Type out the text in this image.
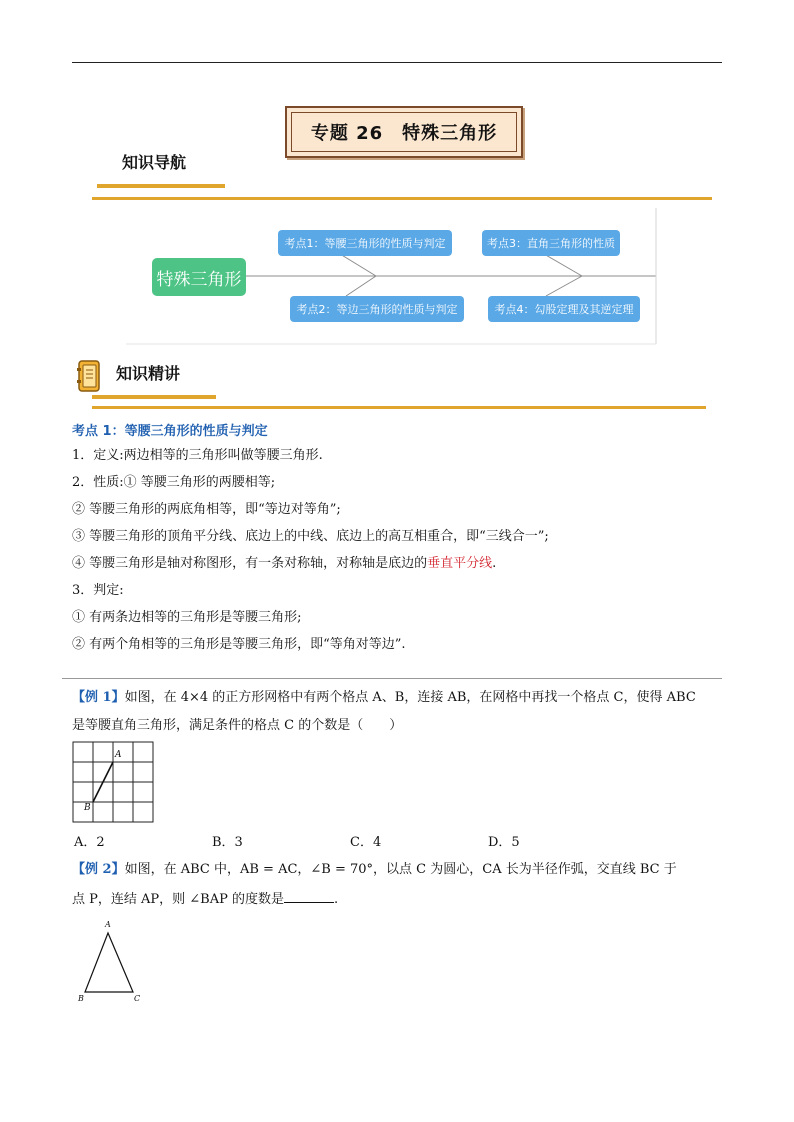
专题 26　特殊三角形
知识导航
特殊三角形
考点1：等腰三角形的性质与判定
考点2：等边三角形的性质与判定
考点3：直角三角形的性质
考点4：勾股定理及其逆定理
知识精讲
考点 1：等腰三角形的性质与判定
1．定义:两边相等的三角形叫做等腰三角形.
2．性质:① 等腰三角形的两腰相等;
② 等腰三角形的两底角相等，即“等边对等角”;
③ 等腰三角形的顶角平分线、底边上的中线、底边上的高互相重合，即“三线合一”;
④ 等腰三角形是轴对称图形，有一条对称轴，对称轴是底边的垂直平分线.
3．判定:
① 有两条边相等的三角形是等腰三角形;
② 有两个角相等的三角形是等腰三角形，即“等角对等边”.
【例 1】如图，在 4×4 的正方形网格中有两个格点 A、B，连接 AB，在网格中再找一个格点 C，使得 ABC
是等腰直角三角形，满足条件的格点 C 的个数是（　　）
A
B
A．2	B．3	C．4	D．5
【例 2】如图，在 ABC 中，AB = AC，∠B = 70°，以点 C 为圆心，CA 长为半径作弧，交直线 BC 于
点 P，连结 AP，则 ∠BAP 的度数是	.
A
B	C
